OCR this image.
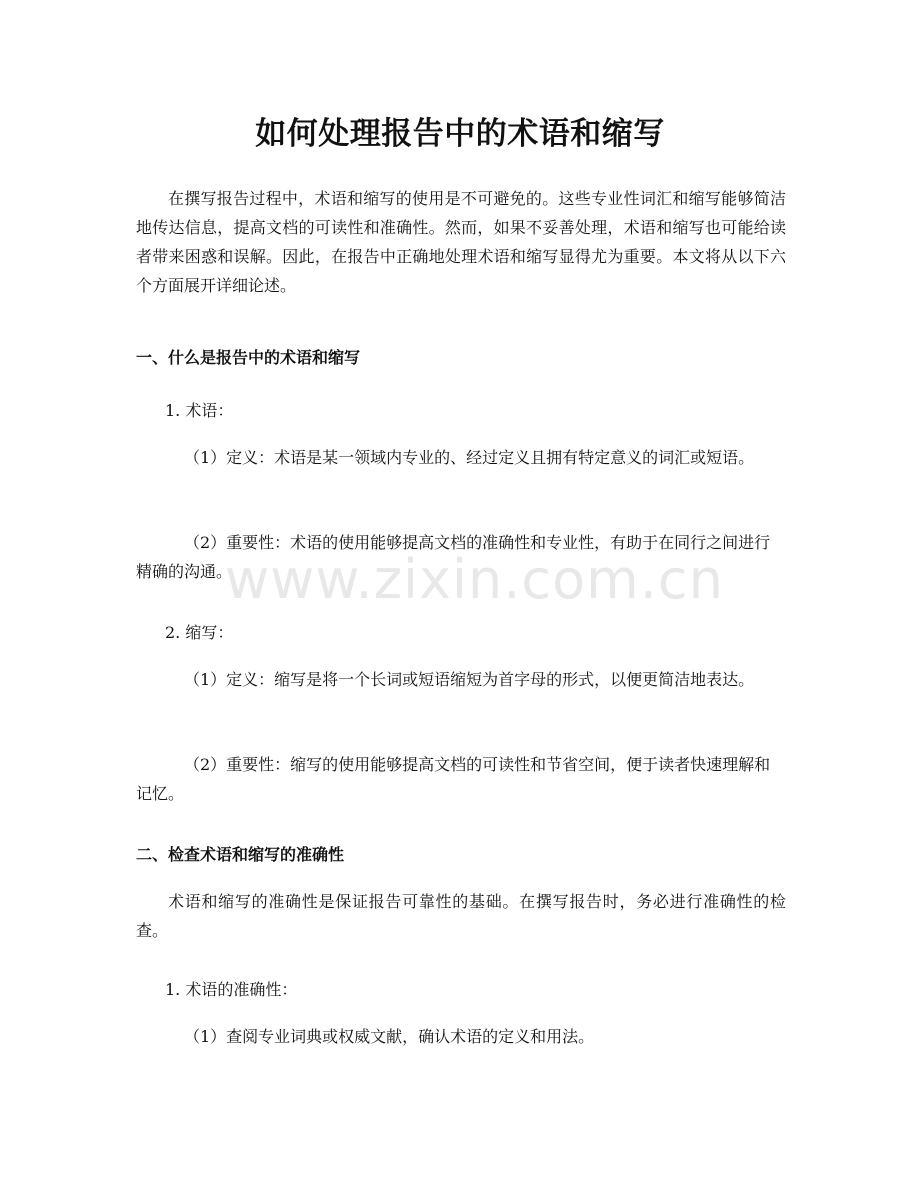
如何处理报告中的术语和缩写

在撰写报告过程中，术语和缩写的使用是不可避免的。这些专业性词汇和缩写能够简洁地传达信息，提高文档的可读性和准确性。然而，如果不妥善处理，术语和缩写也可能给读者带来困惑和误解。因此，在报告中正确地处理术语和缩写显得尤为重要。本文将从以下六个方面展开详细论述。

一、什么是报告中的术语和缩写

1. 术语：

（1）定义：术语是某一领域内专业的、经过定义且拥有特定意义的词汇或短语。

（2）重要性：术语的使用能够提高文档的准确性和专业性，有助于在同行之间进行精确的沟通。

2. 缩写：

（1）定义：缩写是将一个长词或短语缩短为首字母的形式，以便更简洁地表达。

（2）重要性：缩写的使用能够提高文档的可读性和节省空间，便于读者快速理解和记忆。

二、检查术语和缩写的准确性

术语和缩写的准确性是保证报告可靠性的基础。在撰写报告时，务必进行准确性的检查。

1. 术语的准确性：

（1）查阅专业词典或权威文献，确认术语的定义和用法。

www.zixin.com.cn
